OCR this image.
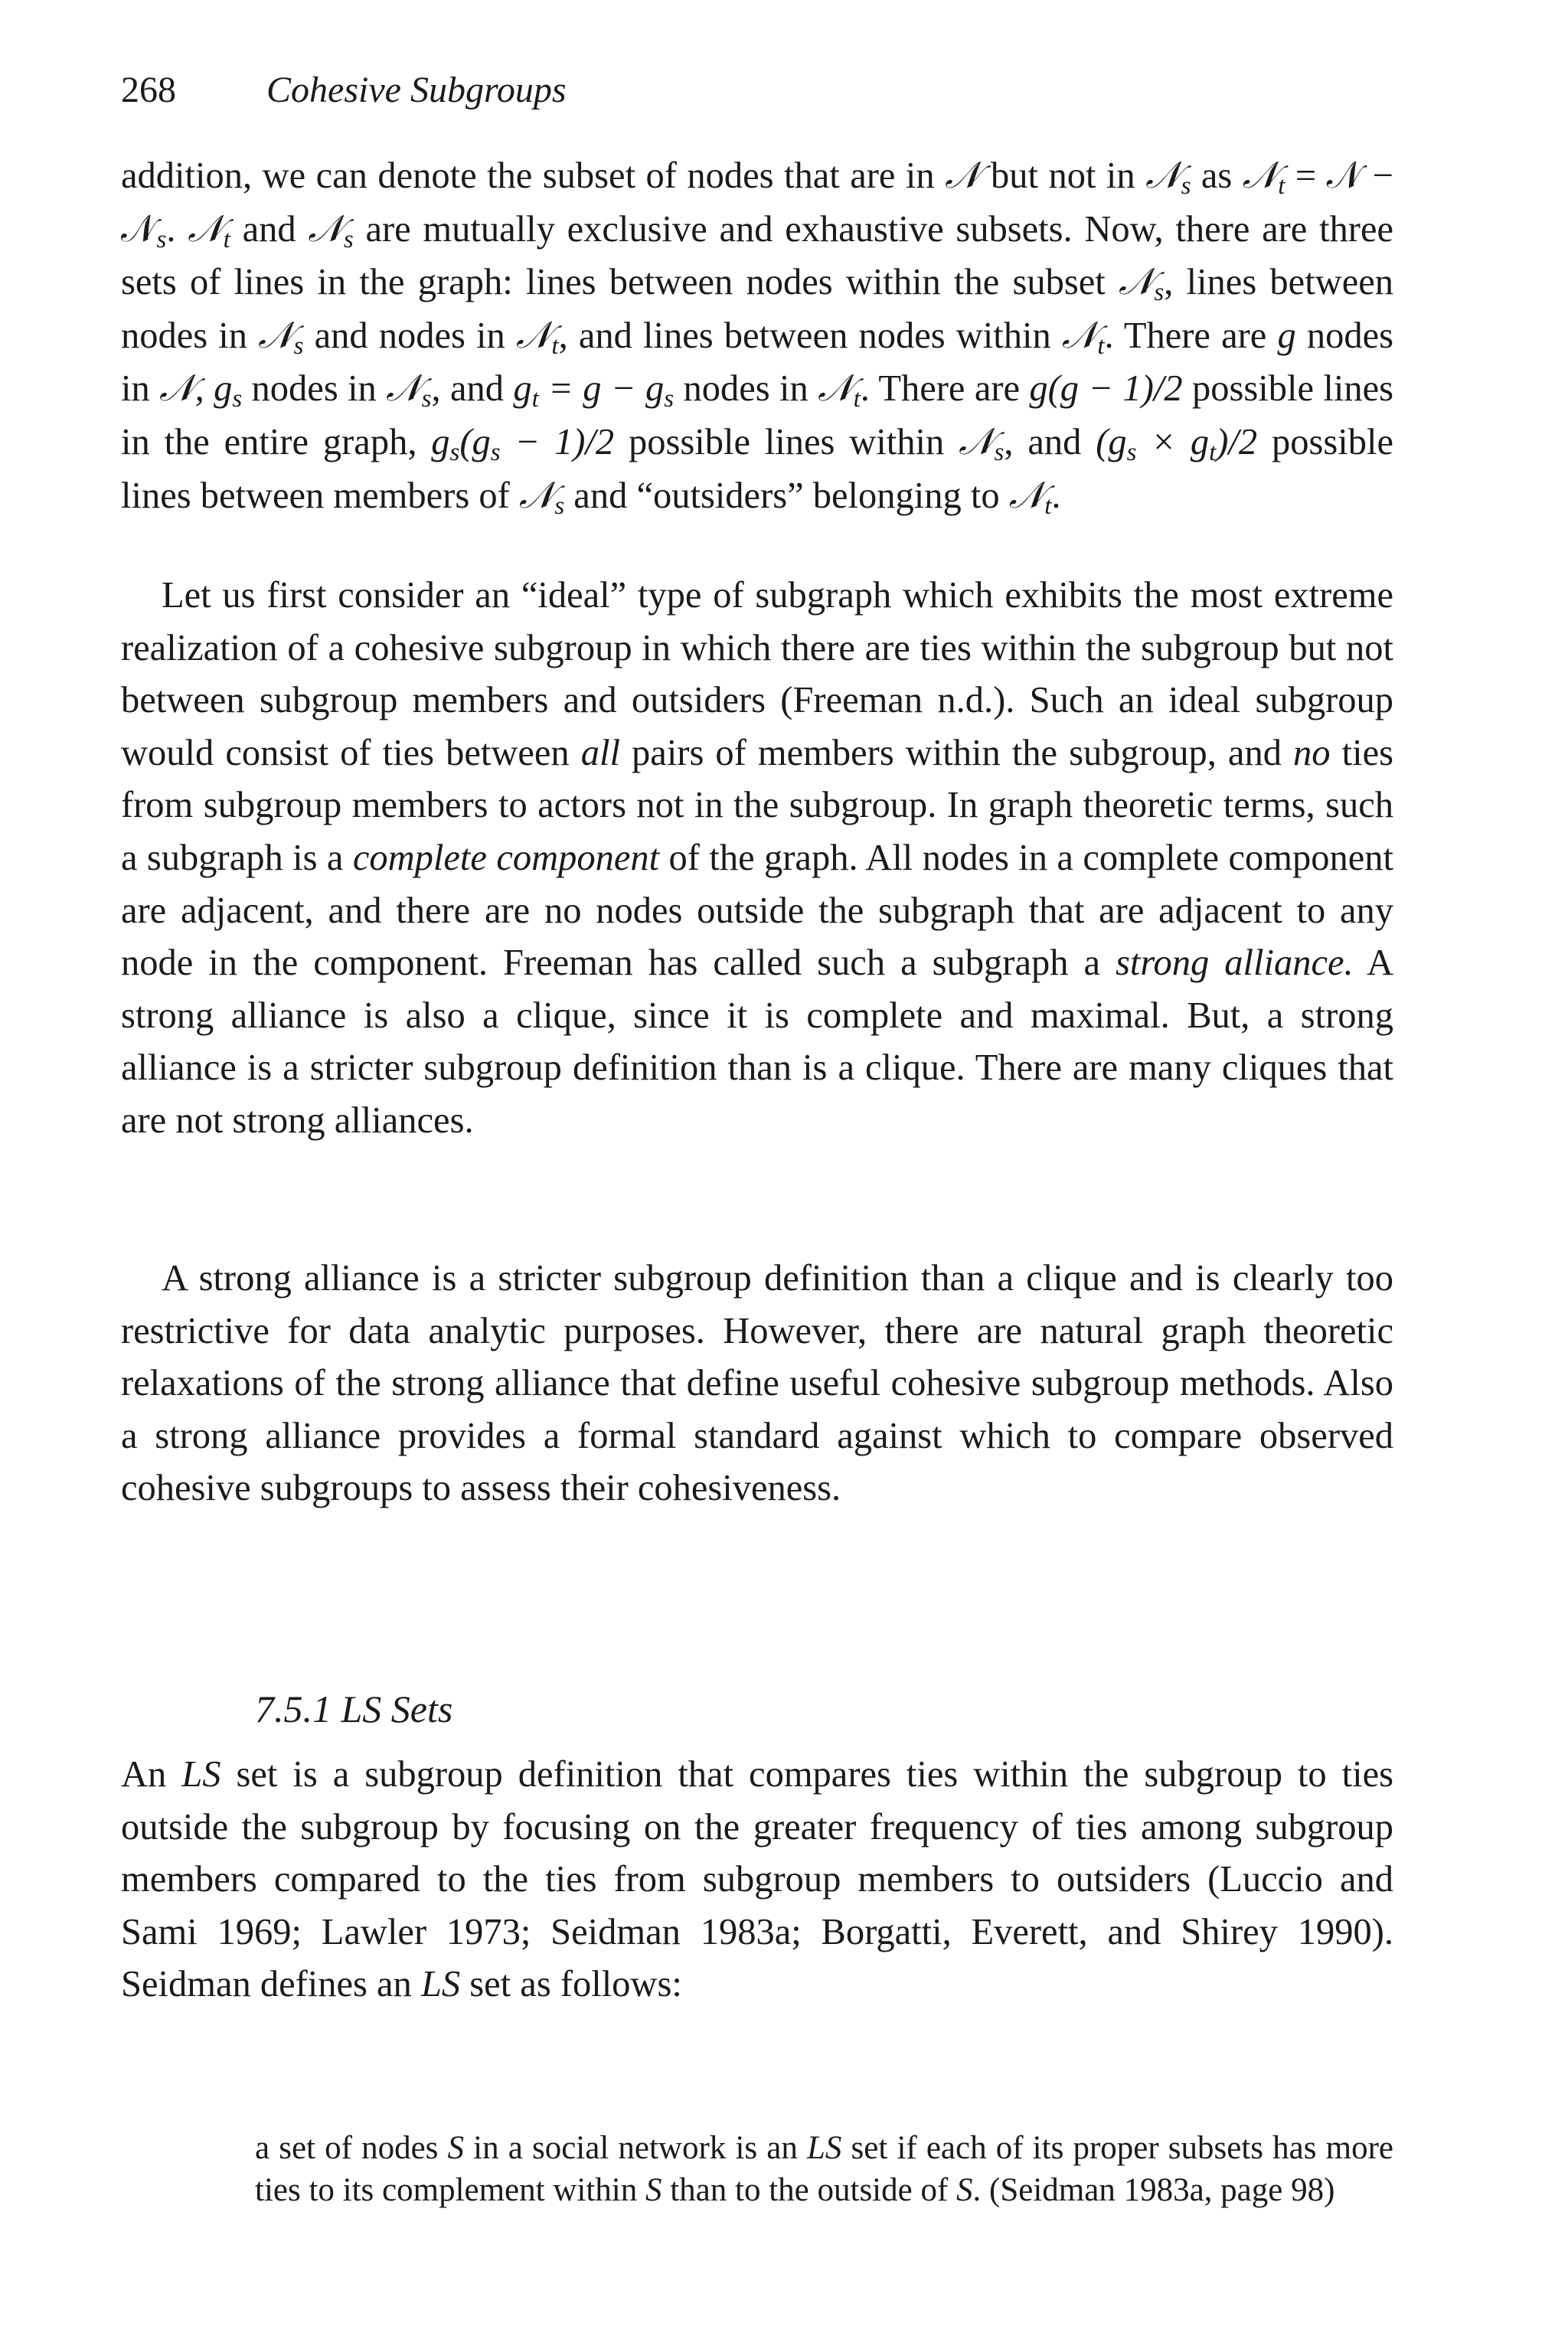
268 Cohesive Subgroups

addition, we can denote the subset of nodes that are in 𝒩 but not in 𝒩$_s$ as 𝒩$_t$ = 𝒩 − 𝒩$_s$. 𝒩$_t$ and 𝒩$_s$ are mutually exclusive and exhaustive subsets. Now, there are three sets of lines in the graph: lines between nodes within the subset 𝒩$_s$, lines between nodes in 𝒩$_s$ and nodes in 𝒩$_t$, and lines between nodes within 𝒩$_t$. There are g nodes in 𝒩, $g_s$ nodes in 𝒩$_s$, and $g_t = g - g_s$ nodes in 𝒩$_t$. There are g(g − 1)/2 possible lines in the entire graph, $g_s(g_s - 1)/2$ possible lines within 𝒩$_s$, and $(g_s \times g_t)/2$ possible lines between members of 𝒩$_s$ and “outsiders” belonging to 𝒩$_t$.

Let us first consider an “ideal” type of subgraph which exhibits the most extreme realization of a cohesive subgroup in which there are ties within the subgroup but not between subgroup members and outsiders (Freeman n.d.). Such an ideal subgroup would consist of ties between all pairs of members within the subgroup, and no ties from subgroup members to actors not in the subgroup. In graph theoretic terms, such a subgraph is a complete component of the graph. All nodes in a complete component are adjacent, and there are no nodes outside the subgraph that are adjacent to any node in the component. Freeman has called such a subgraph a strong alliance. A strong alliance is also a clique, since it is complete and maximal. But, a strong alliance is a stricter subgroup definition than is a clique. There are many cliques that are not strong alliances.

A strong alliance is a stricter subgroup definition than a clique and is clearly too restrictive for data analytic purposes. However, there are natural graph theoretic relaxations of the strong alliance that define useful cohesive subgroup methods. Also a strong alliance provides a formal standard against which to compare observed cohesive subgroups to assess their cohesiveness.

7.5.1 LS Sets

An LS set is a subgroup definition that compares ties within the subgroup to ties outside the subgroup by focusing on the greater frequency of ties among subgroup members compared to the ties from subgroup members to outsiders (Luccio and Sami 1969; Lawler 1973; Seidman 1983a; Borgatti, Everett, and Shirey 1990). Seidman defines an LS set as follows:

a set of nodes S in a social network is an LS set if each of its proper subsets has more ties to its complement within S than to the outside of S. (Seidman 1983a, page 98)
